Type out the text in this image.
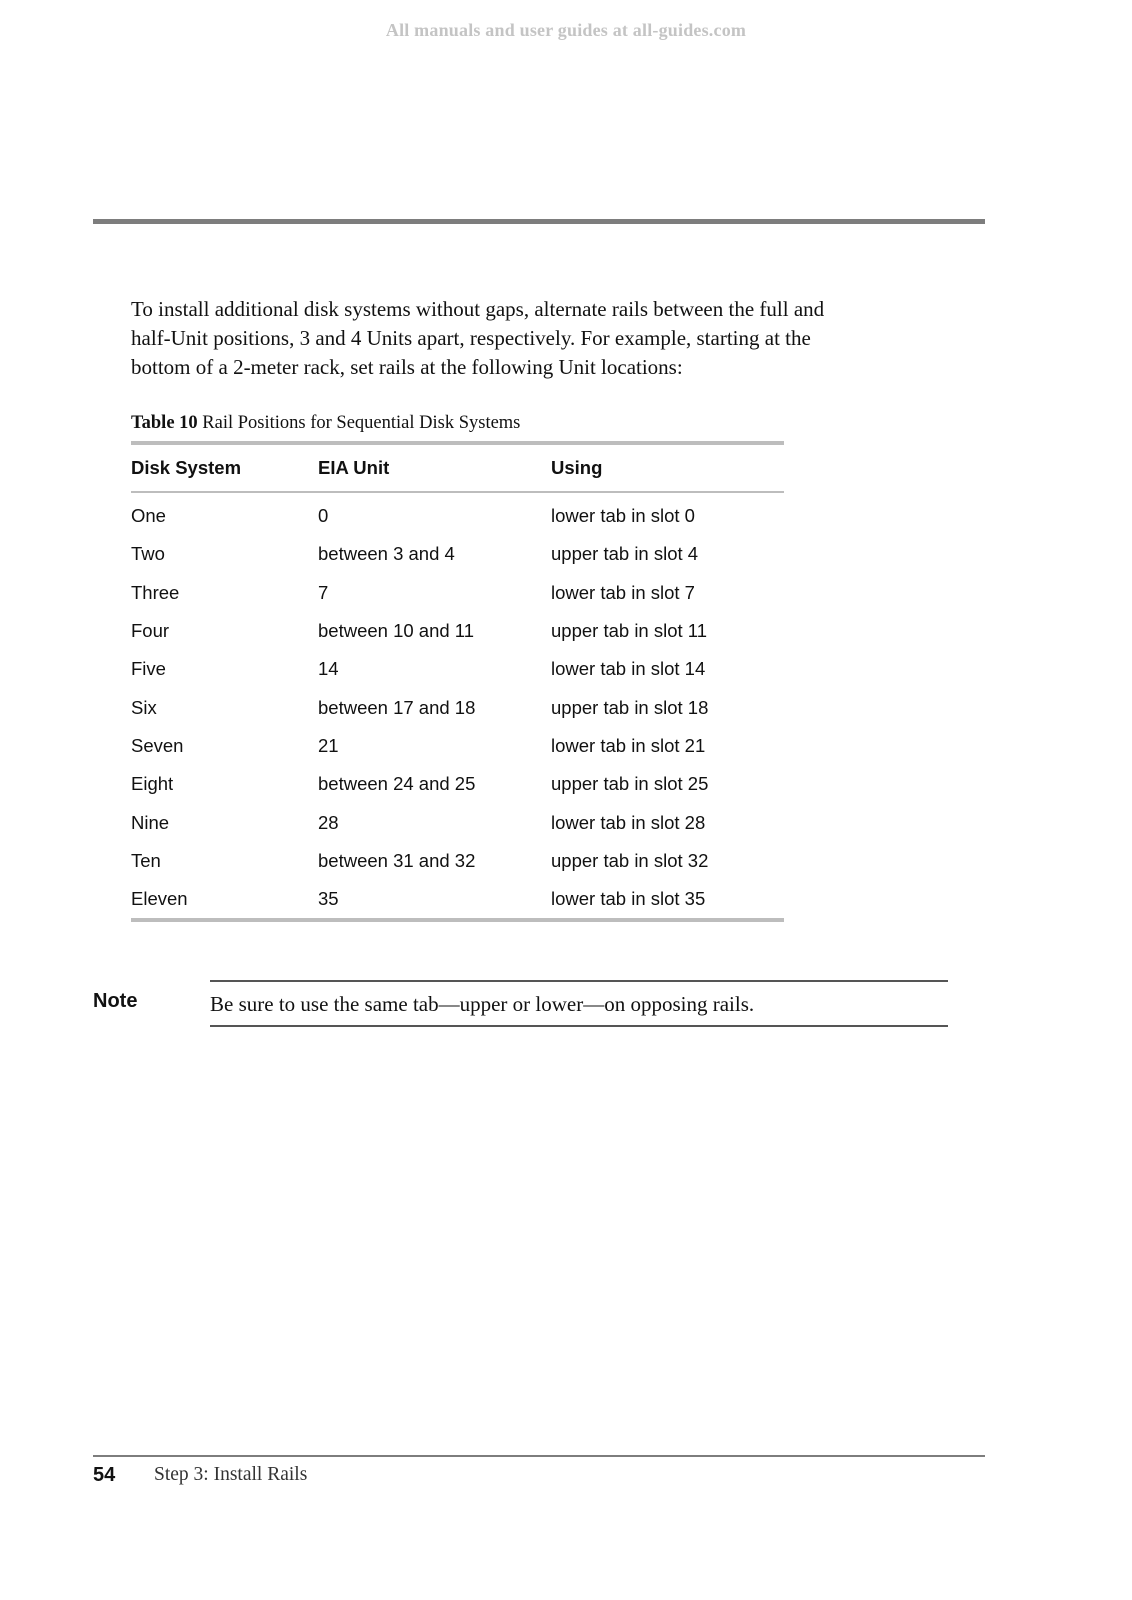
All manuals and user guides at all-guides.com

To install additional disk systems without gaps, alternate rails between the full and
half-Unit positions, 3 and 4 Units apart, respectively. For example, starting at the
bottom of a 2-meter rack, set rails at the following Unit locations:

Table 10 Rail Positions for Sequential Disk Systems
Disk System	EIA Unit	Using

One	0	lower tab in slot 0
Two	between 3 and 4	upper tab in slot 4
Three	7	lower tab in slot 7
Four	between 10 and 11	upper tab in slot 11
Five	14	lower tab in slot 14
Six	between 17 and 18	upper tab in slot 18
Seven	21	lower tab in slot 21
Eight	between 24 and 25	upper tab in slot 25
Nine	28	lower tab in slot 28
Ten	between 31 and 32	upper tab in slot 32
Eleven	35	lower tab in slot 35
Note	Be sure to use the same tab—upper or lower—on opposing rails.
54 Step 3: Install Rails
